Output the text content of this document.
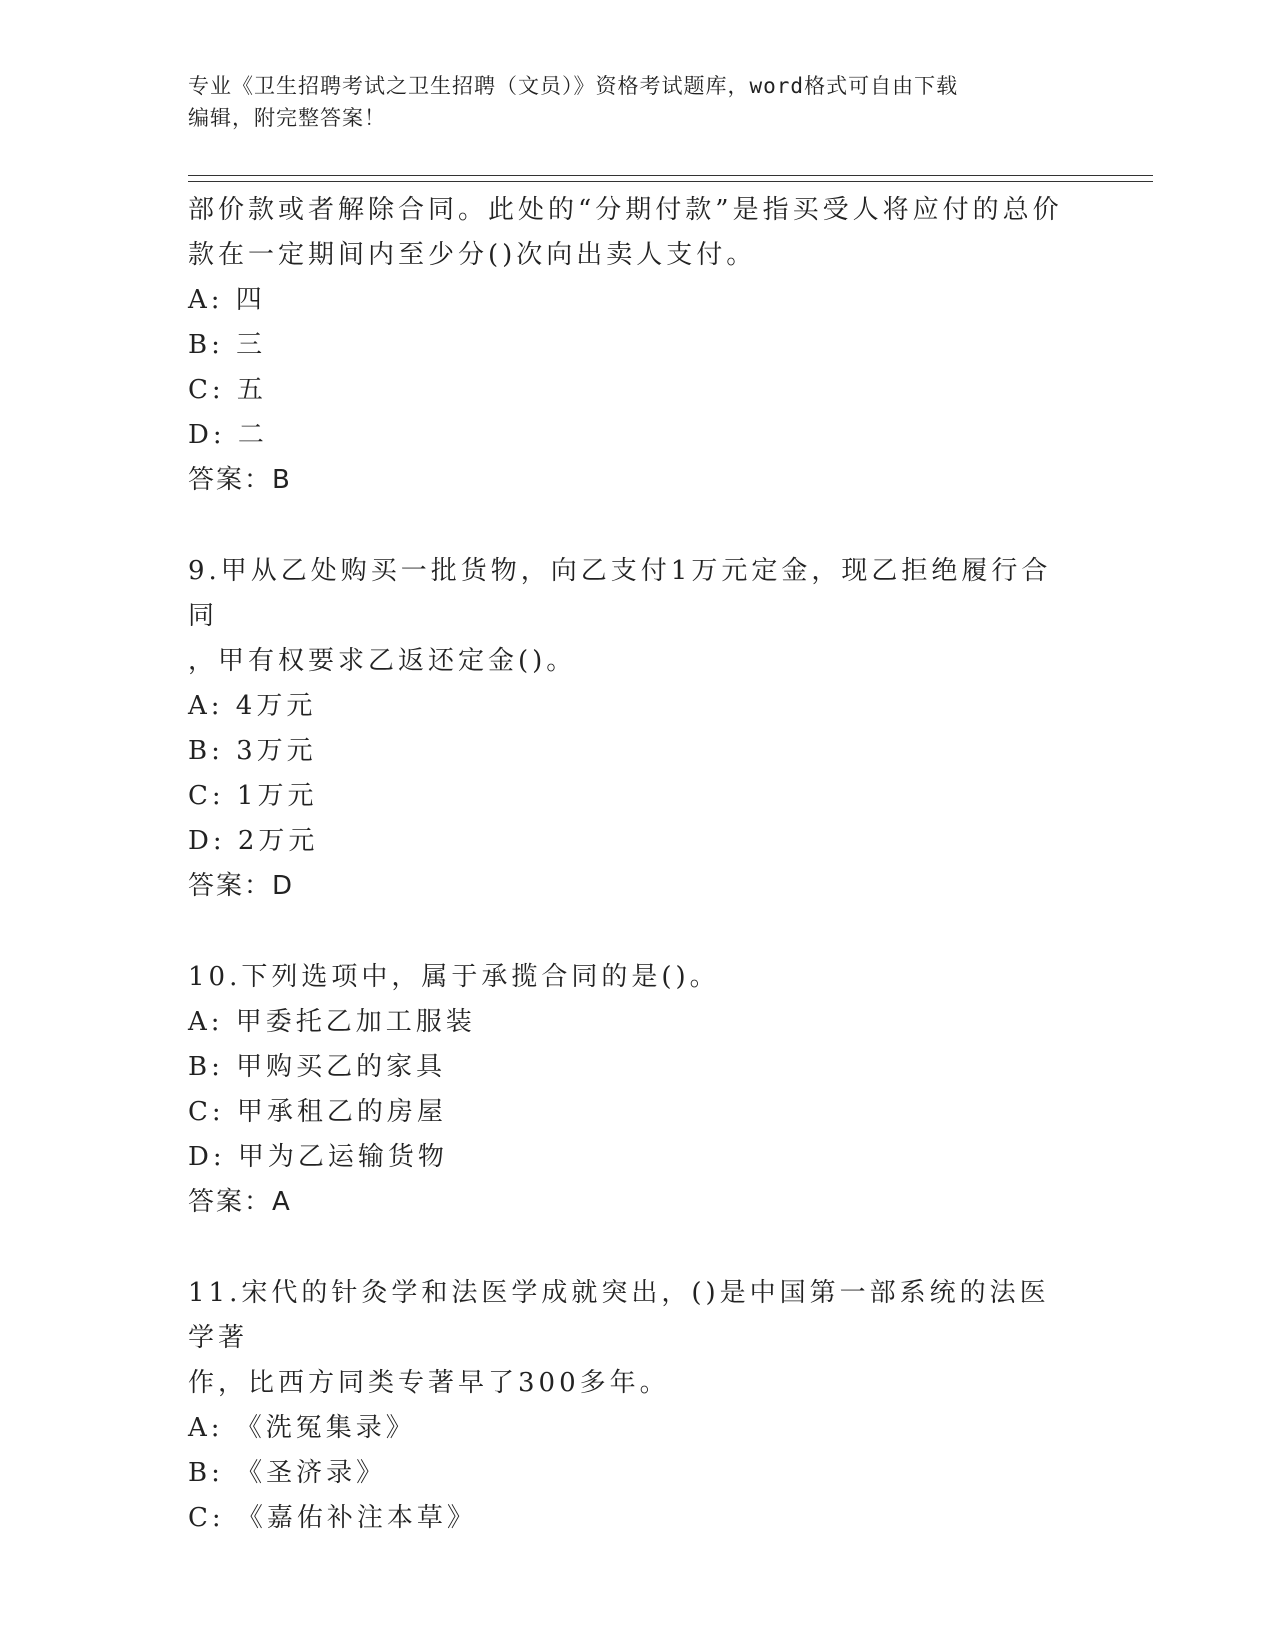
专业《卫生招聘考试之卫生招聘（文员）》资格考试题库，word格式可自由下载
编辑，附完整答案！

部价款或者解除合同。此处的“分期付款”是指买受人将应付的总价

款在一定期间内至少分()次向出卖人支付。

A: 四

B: 三

C: 五

D: 二

答案：B

9.甲从乙处购买一批货物，向乙支付1万元定金，现乙拒绝履行合同

，甲有权要求乙返还定金()。

A: 4万元

B: 3万元

C: 1万元

D: 2万元

答案：D

10.下列选项中，属于承揽合同的是()。

A: 甲委托乙加工服装

B: 甲购买乙的家具

C: 甲承租乙的房屋

D: 甲为乙运输货物

答案：A

11.宋代的针灸学和法医学成就突出，()是中国第一部系统的法医学著

作，比西方同类专著早了300多年。

A: 《洗冤集录》

B: 《圣济录》

C: 《嘉佑补注本草》
